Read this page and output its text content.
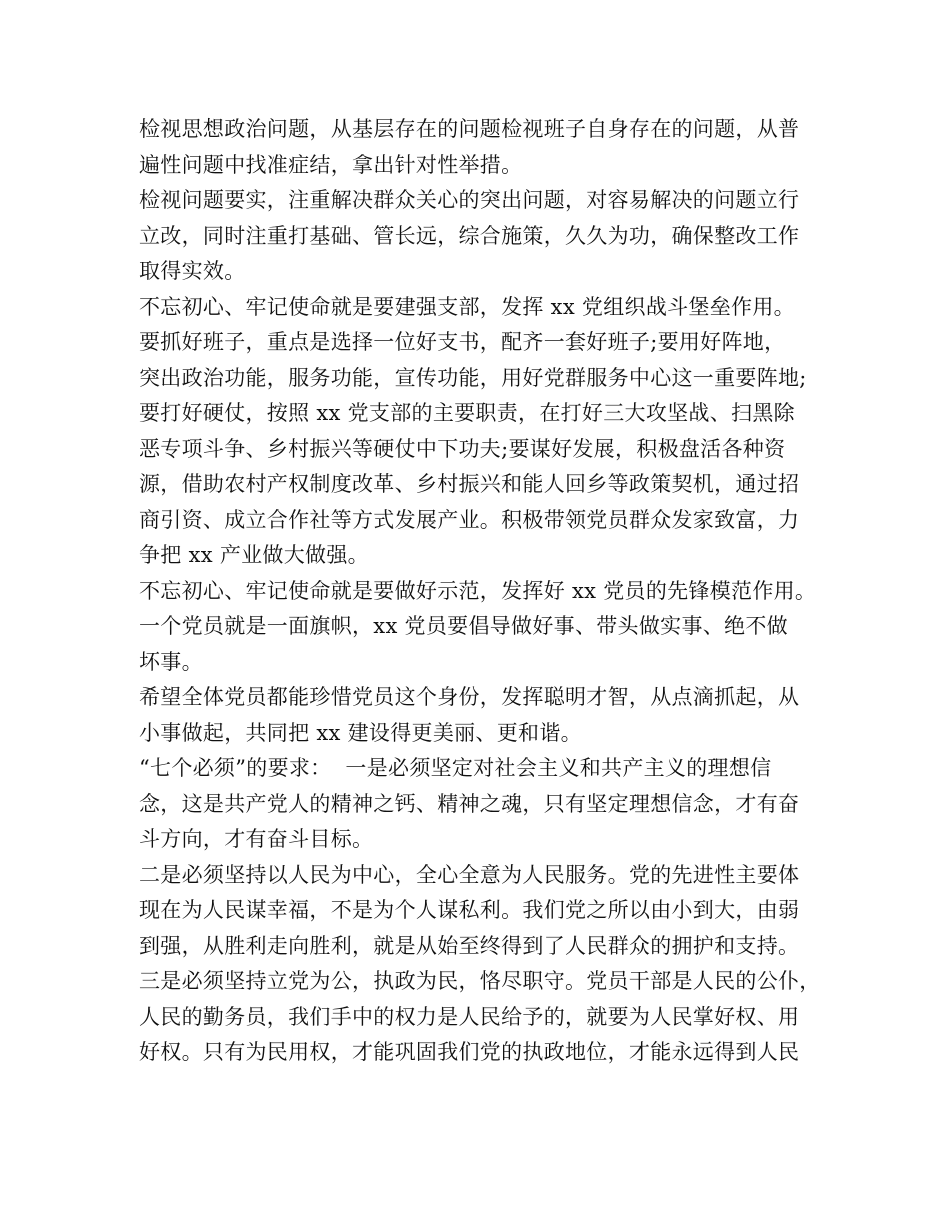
检视思想政治问题，从基层存在的问题检视班子自身存在的问题，从普
遍性问题中找准症结，拿出针对性举措。
检视问题要实，注重解决群众关心的突出问题，对容易解决的问题立行
立改，同时注重打基础、管长远，综合施策，久久为功，确保整改工作
取得实效。
不忘初心、牢记使命就是要建强支部，发挥 xx 党组织战斗堡垒作用。
要抓好班子，重点是选择一位好支书，配齐一套好班子;要用好阵地，
突出政治功能，服务功能，宣传功能，用好党群服务中心这一重要阵地;
要打好硬仗，按照 xx 党支部的主要职责，在打好三大攻坚战、扫黑除
恶专项斗争、乡村振兴等硬仗中下功夫;要谋好发展，积极盘活各种资
源，借助农村产权制度改革、乡村振兴和能人回乡等政策契机，通过招
商引资、成立合作社等方式发展产业。积极带领党员群众发家致富，力
争把 xx 产业做大做强。
不忘初心、牢记使命就是要做好示范，发挥好 xx 党员的先锋模范作用。
一个党员就是一面旗帜，xx 党员要倡导做好事、带头做实事、绝不做
坏事。
希望全体党员都能珍惜党员这个身份，发挥聪明才智，从点滴抓起，从
小事做起，共同把 xx 建设得更美丽、更和谐。
“七个必须”的要求：  一是必须坚定对社会主义和共产主义的理想信
念，这是共产党人的精神之钙、精神之魂，只有坚定理想信念，才有奋
斗方向，才有奋斗目标。
二是必须坚持以人民为中心，全心全意为人民服务。党的先进性主要体
现在为人民谋幸福，不是为个人谋私利。我们党之所以由小到大，由弱
到强，从胜利走向胜利，就是从始至终得到了人民群众的拥护和支持。
三是必须坚持立党为公，执政为民，恪尽职守。党员干部是人民的公仆，
人民的勤务员，我们手中的权力是人民给予的，就要为人民掌好权、用
好权。只有为民用权，才能巩固我们党的执政地位，才能永远得到人民
